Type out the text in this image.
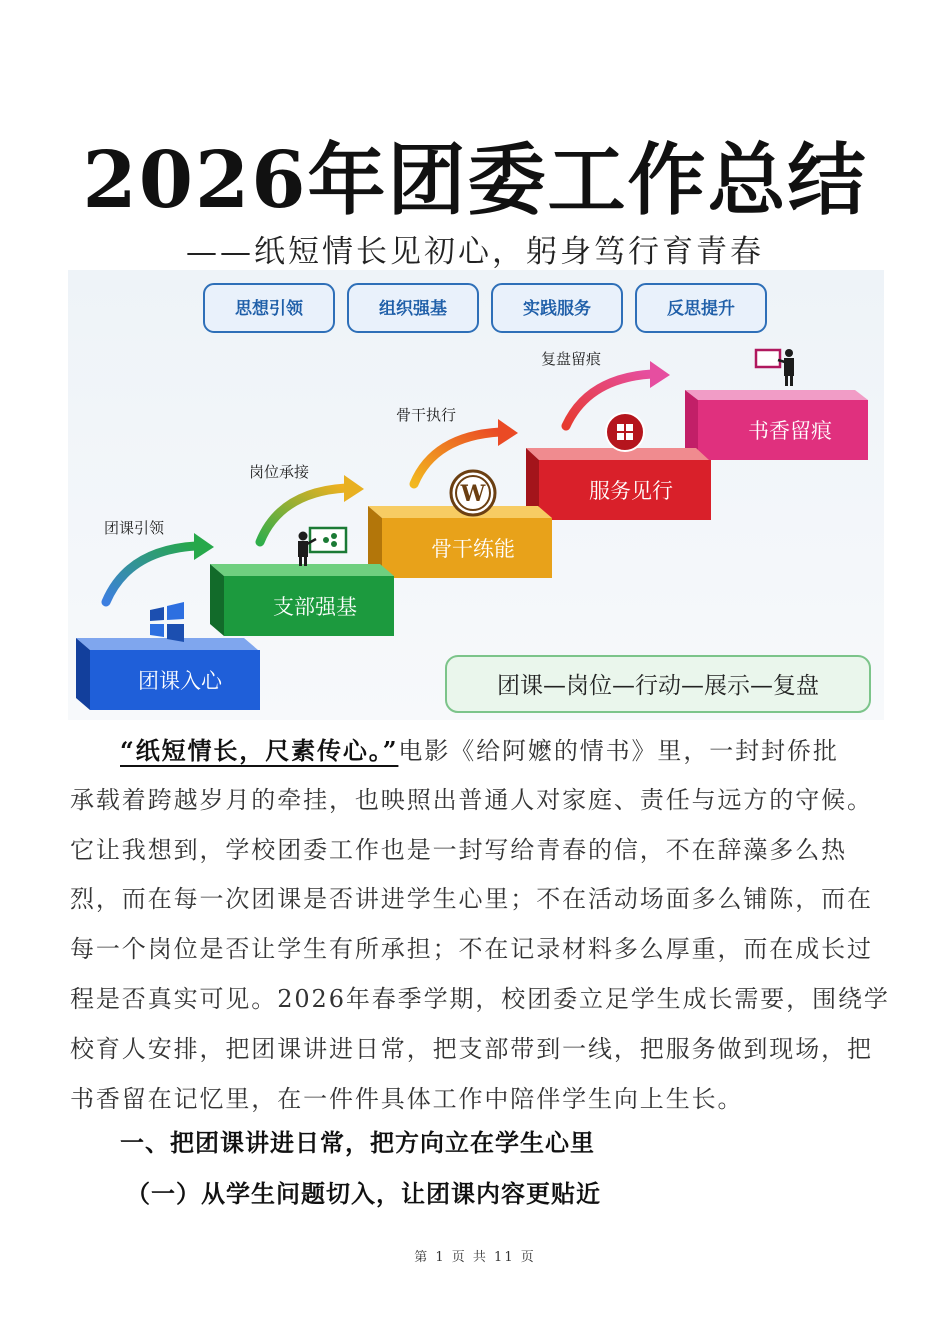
2026年团委工作总结
——纸短情长见初心，躬身笃行育青春
思想引领	组织强基	实践服务	反思提升
书香留痕
服务见行
骨干练能
支部强基
团课入心
团课引领
岗位承接
骨干执行
复盘留痕
W
团课—岗位—行动—展示—复盘
“纸短情长，尺素传心。”电影《给阿嬷的情书》里，一封封侨批
承载着跨越岁月的牵挂，也映照出普通人对家庭、责任与远方的守候。
它让我想到，学校团委工作也是一封写给青春的信，不在辞藻多么热
烈，而在每一次团课是否讲进学生心里；不在活动场面多么铺陈，而在
每一个岗位是否让学生有所承担；不在记录材料多么厚重，而在成长过
程是否真实可见。2026年春季学期，校团委立足学生成长需要，围绕学
校育人安排，把团课讲进日常，把支部带到一线，把服务做到现场，把
书香留在记忆里，在一件件具体工作中陪伴学生向上生长。
一、把团课讲进日常，把方向立在学生心里
（一）从学生问题切入，让团课内容更贴近
第 1 页 共 11 页
